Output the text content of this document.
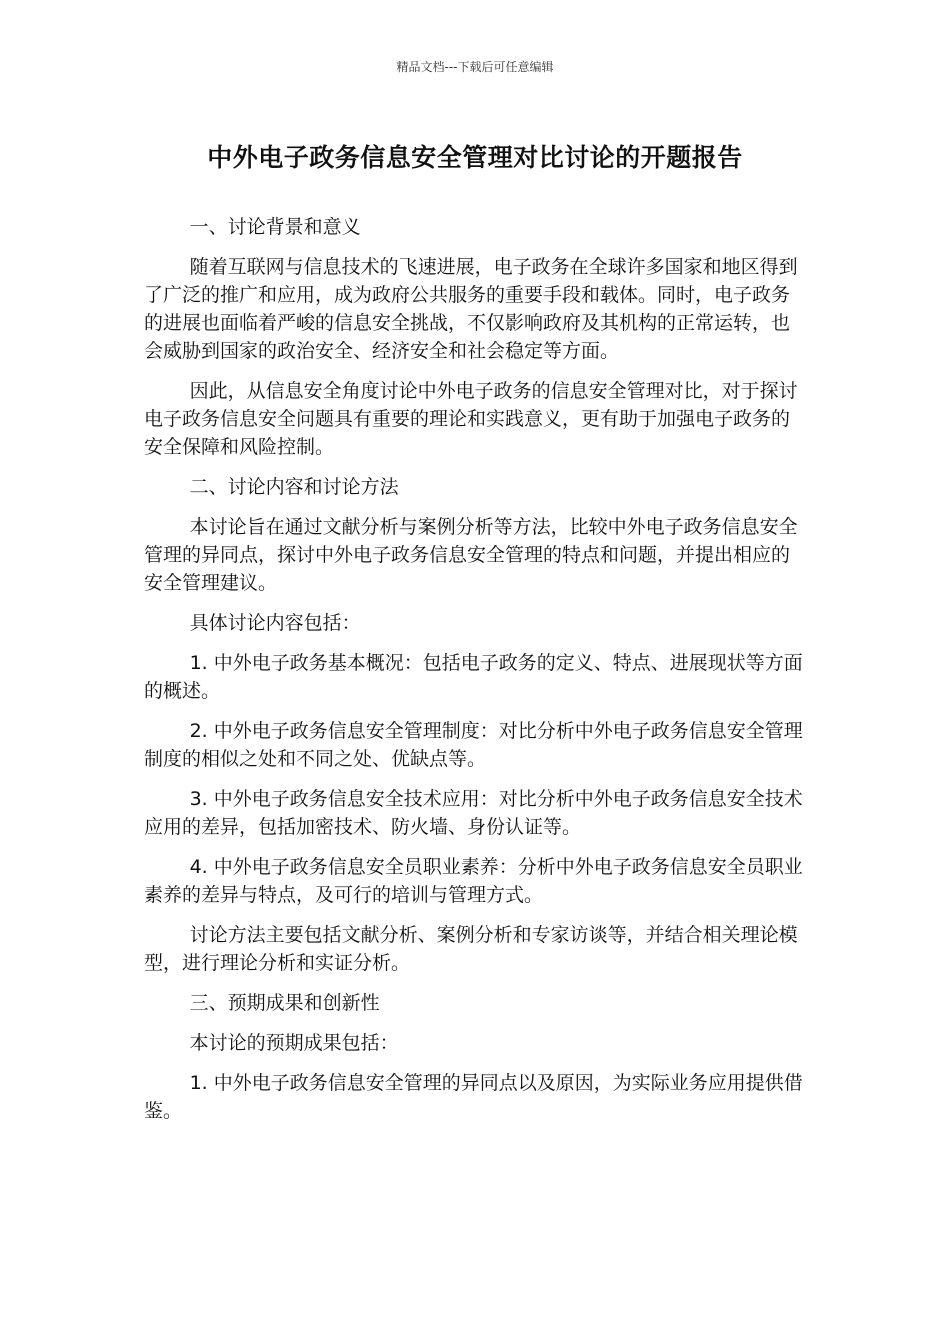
精品文档---下载后可任意编辑
中外电子政务信息安全管理对比讨论的开题报告

一、讨论背景和意义

随着互联网与信息技术的飞速进展，电子政务在全球许多国家和地区得到了广泛的推广和应用，成为政府公共服务的重要手段和载体。同时，电子政务的进展也面临着严峻的信息安全挑战，不仅影响政府及其机构的正常运转，也会威胁到国家的政治安全、经济安全和社会稳定等方面。

因此，从信息安全角度讨论中外电子政务的信息安全管理对比，对于探讨电子政务信息安全问题具有重要的理论和实践意义，更有助于加强电子政务的安全保障和风险控制。

二、讨论内容和讨论方法

本讨论旨在通过文献分析与案例分析等方法，比较中外电子政务信息安全管理的异同点，探讨中外电子政务信息安全管理的特点和问题，并提出相应的安全管理建议。

具体讨论内容包括：

1. 中外电子政务基本概况：包括电子政务的定义、特点、进展现状等方面的概述。

2. 中外电子政务信息安全管理制度：对比分析中外电子政务信息安全管理制度的相似之处和不同之处、优缺点等。

3. 中外电子政务信息安全技术应用：对比分析中外电子政务信息安全技术应用的差异，包括加密技术、防火墙、身份认证等。

4. 中外电子政务信息安全员职业素养：分析中外电子政务信息安全员职业素养的差异与特点，及可行的培训与管理方式。

讨论方法主要包括文献分析、案例分析和专家访谈等，并结合相关理论模型，进行理论分析和实证分析。

三、预期成果和创新性

本讨论的预期成果包括：

1. 中外电子政务信息安全管理的异同点以及原因，为实际业务应用提供借鉴。
